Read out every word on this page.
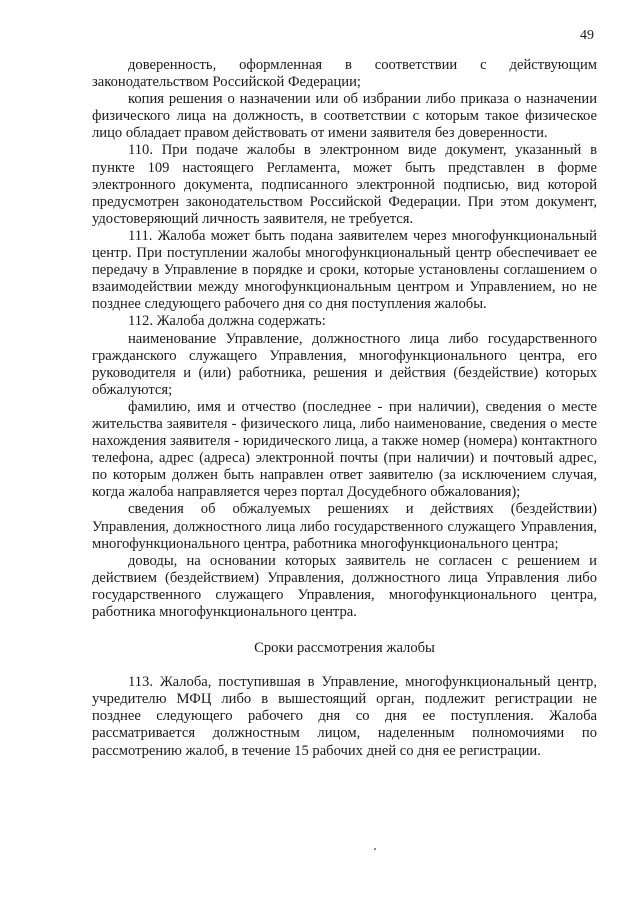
49

доверенность, оформленная в соответствии с действующим законодательством Российской Федерации;

копия решения о назначении или об избрании либо приказа о назначении физического лица на должность, в соответствии с которым такое физическое лицо обладает правом действовать от имени заявителя без доверенности.

110. При подаче жалобы в электронном виде документ, указанный в пункте 109 настоящего Регламента, может быть представлен в форме электронного документа, подписанного электронной подписью, вид которой предусмотрен законодательством Российской Федерации. При этом документ, удостоверяющий личность заявителя, не требуется.

111. Жалоба может быть подана заявителем через многофункциональный центр. При поступлении жалобы многофункциональный центр обеспечивает ее передачу в Управление в порядке и сроки, которые установлены соглашением о взаимодействии между многофункциональным центром и Управлением, но не позднее следующего рабочего дня со дня поступления жалобы.

112. Жалоба должна содержать:

наименование Управление, должностного лица либо государственного гражданского служащего Управления, многофункционального центра, его руководителя и (или) работника, решения и действия (бездействие) которых обжалуются;

фамилию, имя и отчество (последнее - при наличии), сведения о месте жительства заявителя - физического лица, либо наименование, сведения о месте нахождения заявителя - юридического лица, а также номер (номера) контактного телефона, адрес (адреса) электронной почты (при наличии) и почтовый адрес, по которым должен быть направлен ответ заявителю (за исключением случая, когда жалоба направляется через портал Досудебного обжалования);

сведения об обжалуемых решениях и действиях (бездействии) Управления, должностного лица либо государственного служащего Управления, многофункционального центра, работника многофункционального центра;

доводы, на основании которых заявитель не согласен с решением и действием (бездействием) Управления, должностного лица Управления либо государственного служащего Управления, многофункционального центра, работника многофункционального центра.

Сроки рассмотрения жалобы

113. Жалоба, поступившая в Управление, многофункциональный центр, учредителю МФЦ либо в вышестоящий орган, подлежит регистрации не позднее следующего рабочего дня со дня ее поступления. Жалоба рассматривается должностным лицом, наделенным полномочиями по рассмотрению жалоб, в течение 15 рабочих дней со дня ее регистрации.
